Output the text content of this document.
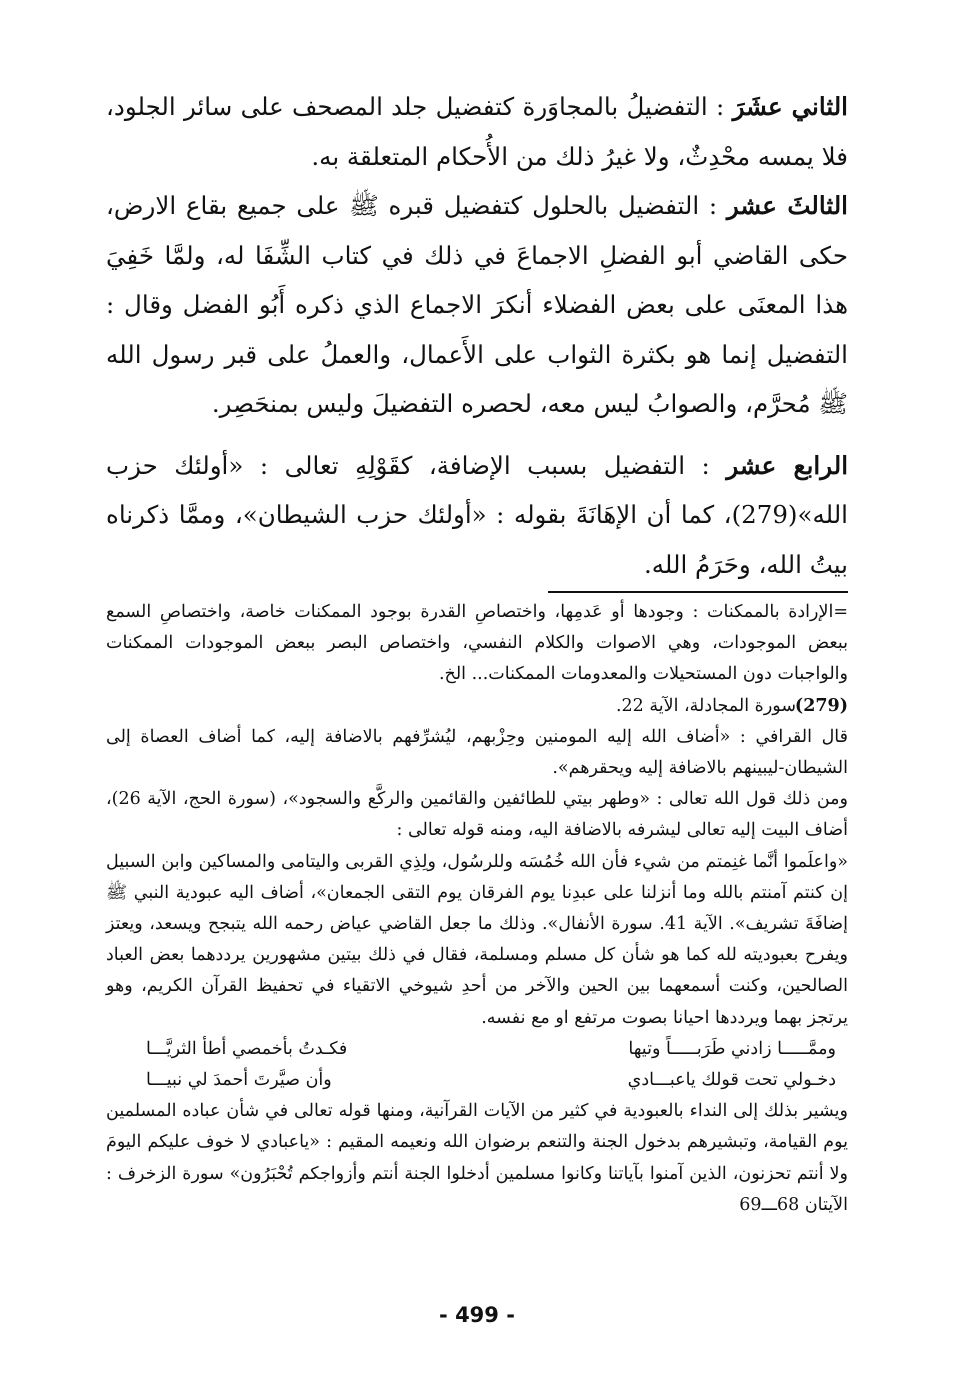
الثاني عشَرَ : التفضيلُ بالمجاوَرة كتفضيل جلد المصحف على سائر الجلود، فلا يمسه محْدِثٌ، ولا غيرُ ذلك من الأُحكام المتعلقة به.

الثالثَ عشر : التفضيل بالحلول كتفضيل قبره ﷺ على جميع بقاع الارض، حكى القاضي أبو الفضلِ الاجماعَ في ذلك في كتاب الشِّفَا له، ولمَّا خَفِيَ هذا المعنَى على بعض الفضلاء أنكرَ الاجماع الذي ذكره أَبُو الفضل وقال : التفضيل إنما هو بكثرة الثواب على الأَعمال، والعملُ على قبر رسول الله ﷺ مُحرَّم، والصوابُ ليس معه، لحصره التفضيلَ وليس بمنحَصِر.

الرابع عشر : التفضيل بسبب الإضافة، كقَوْلِهِ تعالى : «أولئك حزب الله»(279)، كما أن الإهَانَةَ بقوله : «أولئك حزب الشيطان»، وممَّا ذكرناه بيتُ الله، وحَرَمُ الله.

=الإرادة بالممكنات : وجودها أو عَدمِها، واختصاصِ القدرة بوجود الممكنات خاصة، واختصاصِ السمع ببعض الموجودات، وهي الاصوات والكلام النفسي، واختصاص البصر ببعض الموجودات الممكنات والواجبات دون المستحيلات والمعدومات الممكنات... الخ.

(279)
سورة المجادلة، الآية 22.

قال القرافي : «أضاف الله إليه المومنين وحِزْبهم، ليُشرِّفهم بالاضافة إليه، كما أضاف العصاة إلى الشيطان-ليبينهم بالاضافة إليه ويحقرهم».

ومن ذلك قول الله تعالى : «وطهر بيتي للطائفين والقائمين والركَّع والسجود»، (سورة الحج، الآية 26)، أضاف البيت إليه تعالى ليشرفه بالاضافة اليه، ومنه قوله تعالى :

«واعلَموا أنَّما غنِمتم من شيء فأن الله خُمُسَه وللرسُول، ولِذِي القربى واليتامى والمساكين وابن السبيل إن كنتم آمنتم بالله وما أنزلنا على عبدِنا يوم الفرقان يوم التقى الجمعان»، أضاف اليه عبودية النبي ﷺ إضافَةَ تشريف». الآية 41. سورة الأنفال». وذلك ما جعل القاضي عياض رحمه الله يتبجح ويسعد، ويعتز ويفرح بعبوديته لله كما هو شأن كل مسلم ومسلمة، فقال في ذلك بيتين مشهورين يرددهما بعض العباد الصالحين، وكنت أسمعهما بين الحين والآخر من أحدِ شيوخي الاتقياء في تحفيظ القرآن الكريم، وهو يرتجز بهما ويرددها احيانا بصوت مرتفع او مع نفسه.

وممَّـــــا زادني طَرَبـــــاً وتيها
فكـدتُ بأخمصي أطأ الثريَّـــا
دخـولي تحت قولك ياعبـــادي
وأن صيَّرتَ أحمدَ لي نبيـــا

ويشير بذلك إلى النداء بالعبودية في كثير من الآيات القرآنية، ومنها قوله تعالى في شأن عباده المسلمين يوم القيامة، وتبشيرهم بدخول الجنة والتنعم برضوان الله ونعيمه المقيم : «ياعبادي لا خوف عليكم اليومَ ولا أنتم تحزنون، الذين آمنوا بآياتنا وكانوا مسلمين أدخلوا الجنة أنتم وأزواجكم تُحْبَرُون» سورة الزخرف : الآيتان 68ـــ69

- 499 -
